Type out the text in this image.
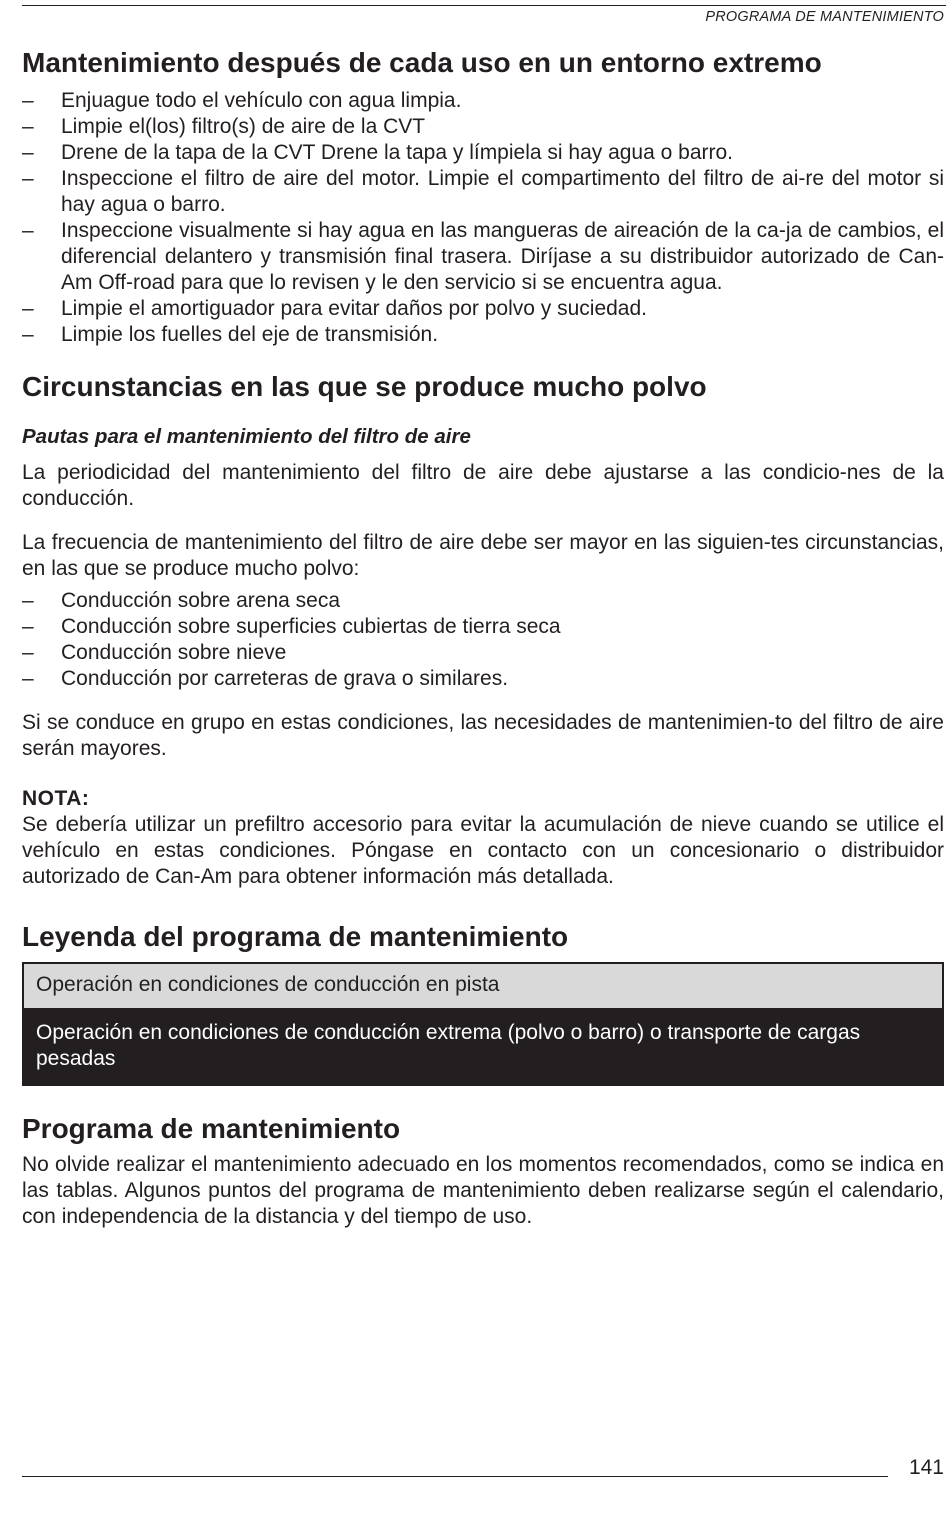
PROGRAMA DE MANTENIMIENTO
Mantenimiento después de cada uso en un entorno extremo
– Enjuague todo el vehículo con agua limpia.
– Limpie el(los) filtro(s) de aire de la CVT
– Drene de la tapa de la CVT Drene la tapa y límpiela si hay agua o barro.
– Inspeccione el filtro de aire del motor. Limpie el compartimento del filtro de ai-re del motor si hay agua o barro.
– Inspeccione visualmente si hay agua en las mangueras de aireación de la ca-ja de cambios, el diferencial delantero y transmisión final trasera. Diríjase a su distribuidor autorizado de Can-Am Off-road para que lo revisen y le den servicio si se encuentra agua.
– Limpie el amortiguador para evitar daños por polvo y suciedad.
– Limpie los fuelles del eje de transmisión.
Circunstancias en las que se produce mucho polvo
Pautas para el mantenimiento del filtro de aire

La periodicidad del mantenimiento del filtro de aire debe ajustarse a las condicio-nes de la conducción.

La frecuencia de mantenimiento del filtro de aire debe ser mayor en las siguien-tes circunstancias, en las que se produce mucho polvo:

– Conducción sobre arena seca
– Conducción sobre superficies cubiertas de tierra seca
– Conducción sobre nieve
– Conducción por carreteras de grava o similares.

Si se conduce en grupo en estas condiciones, las necesidades de mantenimien-to del filtro de aire serán mayores.

NOTA:

Se debería utilizar un prefiltro accesorio para evitar la acumulación de nieve cuando se utilice el vehículo en estas condiciones. Póngase en contacto con un concesionario o distribuidor autorizado de Can-Am para obtener información más detallada.

Leyenda del programa de mantenimiento
Operación en condiciones de conducción en pista
Operación en condiciones de conducción extrema (polvo o barro) o transporte de cargas pesadas
Programa de mantenimiento

No olvide realizar el mantenimiento adecuado en los momentos recomendados, como se indica en las tablas. Algunos puntos del programa de mantenimiento deben realizarse según el calendario, con independencia de la distancia y del tiempo de uso.

141
